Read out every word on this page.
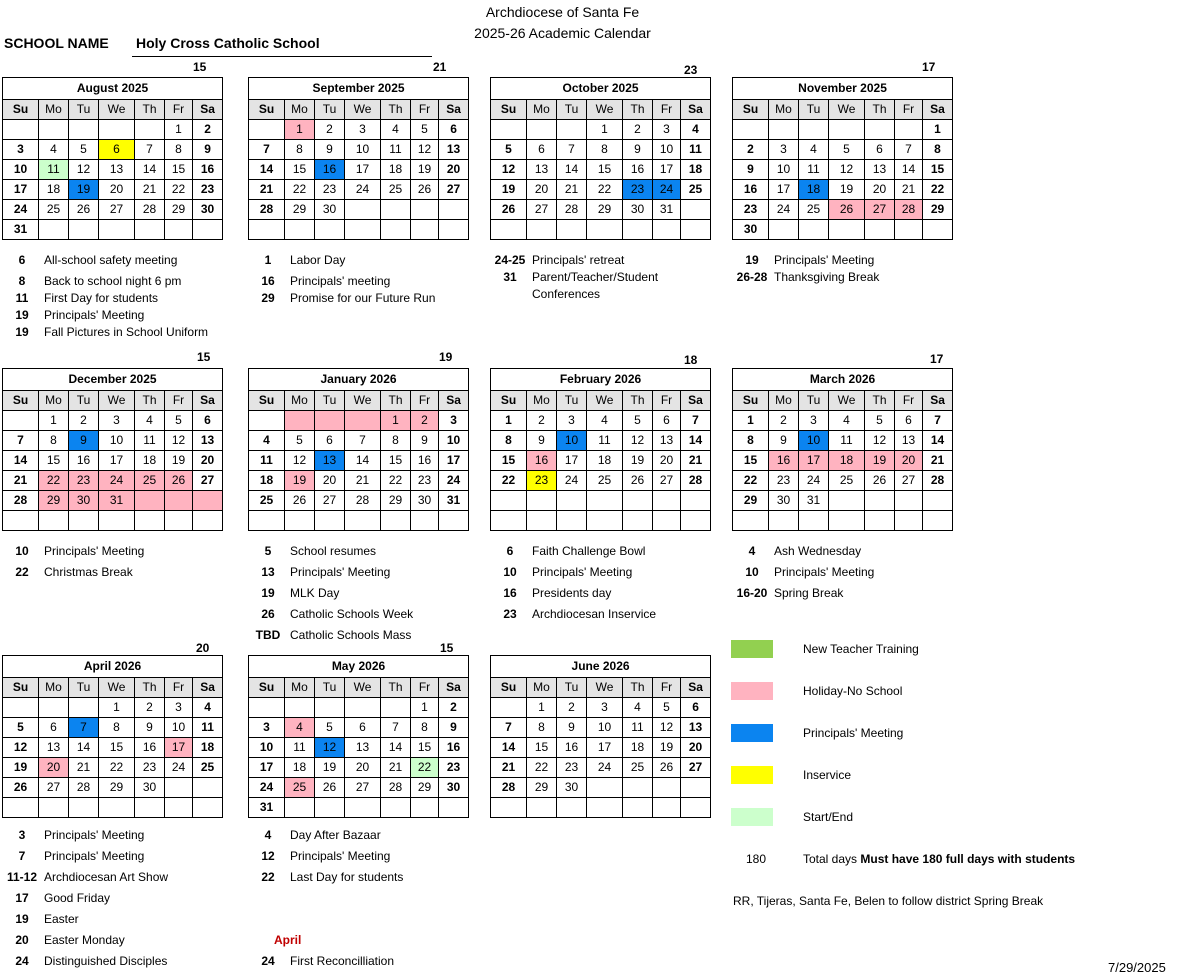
Archdiocese of Santa Fe
2025-26 Academic Calendar
SCHOOL NAME Holy Cross Catholic School
August 2025						
Su	Mo	Tu	We	Th	Fr	Sa
					1	2
3	4	5	6	7	8	9
10	11	12	13	14	15	16
17	18	19	20	21	22	23
24	25	26	27	28	29	30
31						
15
6	All-school safety meeting
8	Back to school night 6 pm
11	First Day for students
19	Principals' Meeting
19	Fall Pictures in School Uniform
September 2025						
Su	Mo	Tu	We	Th	Fr	Sa
	1	2	3	4	5	6
7	8	9	10	11	12	13
14	15	16	17	18	19	20
21	22	23	24	25	26	27
28	29	30				

21
1	Labor Day
16	Principals' meeting
29	Promise for our Future Run
October 2025						
Su	Mo	Tu	We	Th	Fr	Sa
			1	2	3	4
5	6	7	8	9	10	11
12	13	14	15	16	17	18
19	20	21	22	23	24	25
26	27	28	29	30	31	

23
24-25 Principals' retreat
31	Parent/Teacher/Student
Conferences
November 2025						
Su	Mo	Tu	We	Th	Fr	Sa
						1
2	3	4	5	6	7	8
9	10	11	12	13	14	15
16	17	18	19	20	21	22
23	24	25	26	27	28	29
30						
17
19	Principals' Meeting
26-28 Thanksgiving Break
December 2025						
Su	Mo	Tu	We	Th	Fr	Sa
	1	2	3	4	5	6
7	8	9	10	11	12	13
14	15	16	17	18	19	20
21	22	23	24	25	26	27
28	29	30	31			

15
10	Principals' Meeting
22	Christmas Break
January 2026						
Su	Mo	Tu	We	Th	Fr	Sa
				1	2	3
4	5	6	7	8	9	10
11	12	13	14	15	16	17
18	19	20	21	22	23	24
25	26	27	28	29	30	31

19
5	School resumes
13	Principals' Meeting
19	MLK Day
26	Catholic Schools Week
TBD Catholic Schools Mass
February 2026						
Su	Mo	Tu	We	Th	Fr	Sa
1	2	3	4	5	6	7
8	9	10	11	12	13	14
15	16	17	18	19	20	21
22	23	24	25	26	27	28

18
6	Faith Challenge Bowl
10	Principals' Meeting
16	Presidents day
23	Archdiocesan Inservice
March 2026						
Su	Mo	Tu	We	Th	Fr	Sa
1	2	3	4	5	6	7
8	9	10	11	12	13	14
15	16	17	18	19	20	21
22	23	24	25	26	27	28
29	30	31				

17
4	Ash Wednesday
10	Principals' Meeting
16-20 Spring Break
April 2026						
Su	Mo	Tu	We	Th	Fr	Sa
			1	2	3	4
5	6	7	8	9	10	11
12	13	14	15	16	17	18
19	20	21	22	23	24	25
26	27	28	29	30		

20
3	Principals' Meeting
7	Principals' Meeting
11-12 Archdiocesan Art Show
17	Good Friday
19	Easter
20	Easter Monday
24	Distinguished Disciples
May 2026						
Su	Mo	Tu	We	Th	Fr	Sa
					1	2
3	4	5	6	7	8	9
10	11	12	13	14	15	16
17	18	19	20	21	22	23
24	25	26	27	28	29	30
31						
15
4	Day After Bazaar
12	Principals' Meeting
22	Last Day for students
April
24	First Reconcilliation
June 2026						
Su	Mo	Tu	We	Th	Fr	Sa
	1	2	3	4	5	6
7	8	9	10	11	12	13
14	15	16	17	18	19	20
21	22	23	24	25	26	27
28	29	30				

180	Total days Must have 180 full days with students
RR, Tijeras, Santa Fe, Belen to follow district Spring Break
7/29/2025
New Teacher Training
Holiday-No School
Principals' Meeting
Inservice
Start/End
